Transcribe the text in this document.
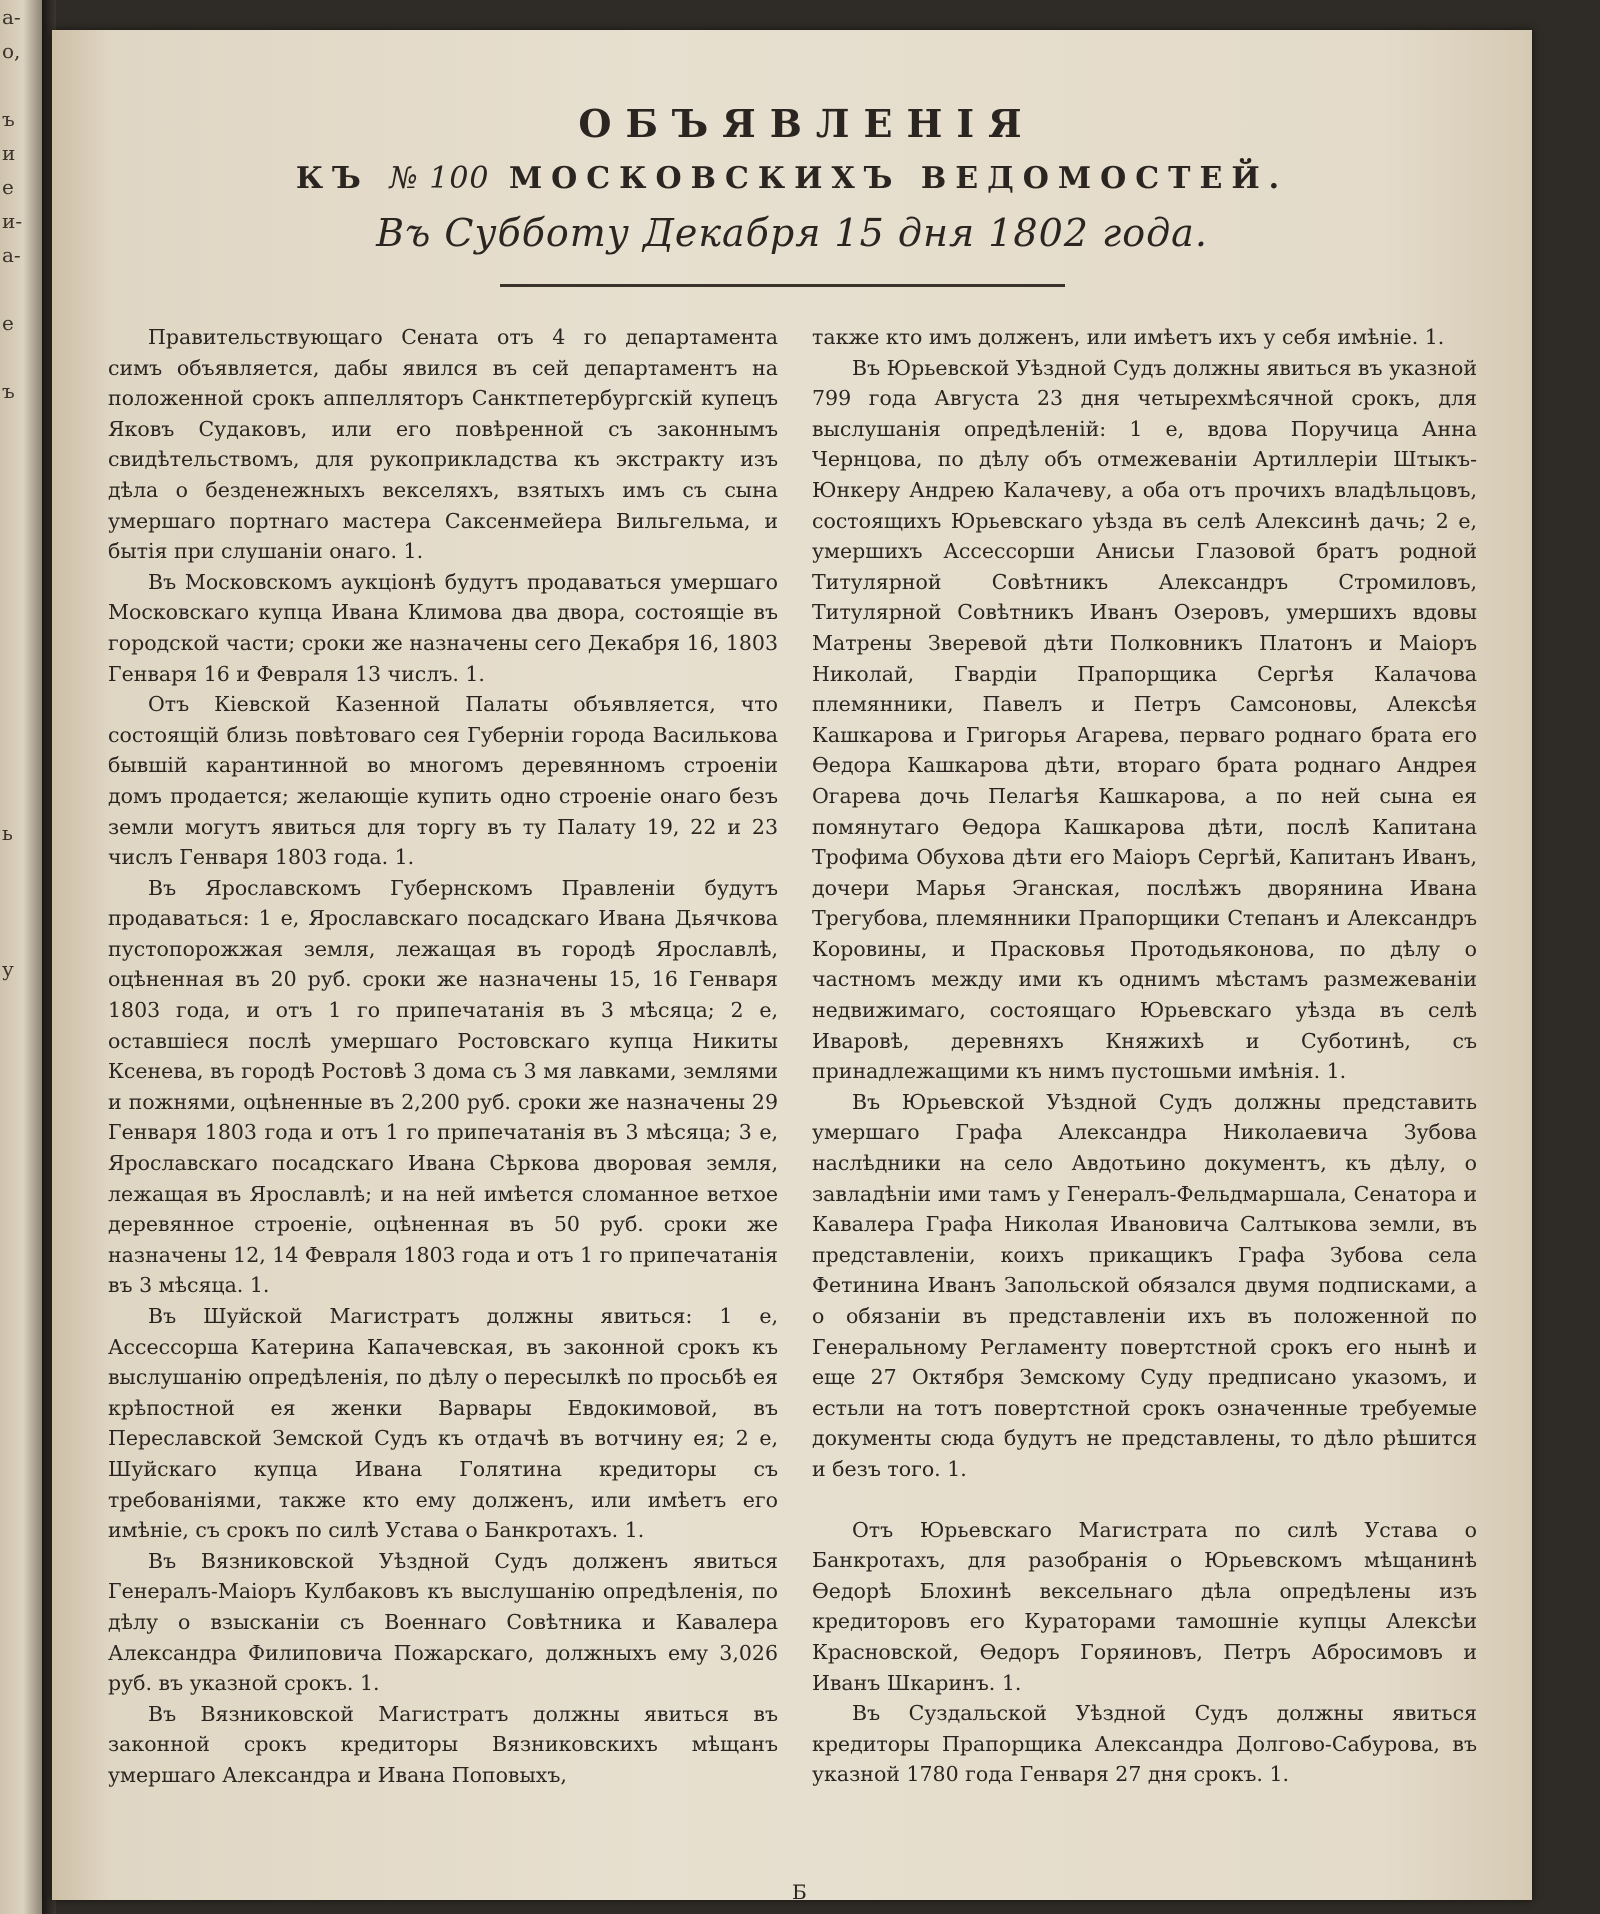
а-
о,

ъ
и
е
и-
а-

е

ъ

ь

у

ОБЪЯВЛЕНІЯ
КЪ № 100 МОСКОВСКИХЪ ВЕДОМОСТЕЙ.
Въ Субботу Декабря 15 дня 1802 года.

Правительствующаго Сената отъ 4 го департамента симъ объявляется, дабы явился въ сей департаментъ на положенной срокъ аппелляторъ Санктпетербургскій купецъ Яковъ Судаковъ, или его повѣренной съ законнымъ свидѣтельствомъ, для рукоприкладства къ экстракту изъ дѣла о безденежныхъ векселяхъ, взятыхъ имъ съ сына умершаго портнаго мастера Саксенмейера Вильгельма, и бытія при слушаніи онаго. 1.

Въ Московскомъ аукціонѣ будутъ продаваться умершаго Московскаго купца Ивана Климова два двора, состоящіе въ городской части; сроки же назначены сего Декабря 16, 1803 Генваря 16 и Февраля 13 числъ. 1.

Отъ Кіевской Казенной Палаты объявляется, что состоящій близь повѣтоваго сея Губерніи города Василькова бывшій карантинной во многомъ деревянномъ строеніи домъ продается; желающіе купить одно строеніе онаго безъ земли могутъ явиться для торгу въ ту Палату 19, 22 и 23 числъ Генваря 1803 года. 1.

Въ Ярославскомъ Губернскомъ Правленіи будутъ продаваться: 1 е, Ярославскаго посадскаго Ивана Дьячкова пустопорожжая земля, лежащая въ городѣ Ярославлѣ, оцѣненная въ 20 руб. сроки же назначены 15, 16 Генваря 1803 года, и отъ 1 го припечатанія въ 3 мѣсяца; 2 е, оставшіеся послѣ умершаго Ростовскаго купца Никиты Ксенева, въ городѣ Ростовѣ 3 дома съ 3 мя лавками, землями и пожнями, оцѣненные въ 2,200 руб. сроки же назначены 29 Генваря 1803 года и отъ 1 го припечатанія въ 3 мѣсяца; 3 е, Ярославскаго посадскаго Ивана Сѣркова дворовая земля, лежащая въ Ярославлѣ; и на ней имѣется сломанное ветхое деревянное строеніе, оцѣненная въ 50 руб. сроки же назначены 12, 14 Февраля 1803 года и отъ 1 го припечатанія въ 3 мѣсяца. 1.

Въ Шуйской Магистратъ должны явиться: 1 е, Ассессорша Катерина Капачевская, въ законной срокъ къ выслушанію опредѣленія, по дѣлу о пересылкѣ по просьбѣ ея крѣпостной ея женки Варвары Евдокимовой, въ Переславской Земской Судъ къ отдачѣ въ вотчину ея; 2 е, Шуйскаго купца Ивана Голятина кредиторы съ требованіями, также кто ему долженъ, или имѣетъ его имѣніе, съ срокъ по силѣ Устава о Банкротахъ. 1.

Въ Вязниковской Уѣздной Судъ долженъ явиться Генералъ-Маіоръ Кулбаковъ къ выслушанію опредѣленія, по дѣлу о взысканіи съ Военнаго Совѣтника и Кавалера Александра Филиповича Пожарскаго, должныхъ ему 3,026 руб. въ указной срокъ. 1.

Въ Вязниковской Магистратъ должны явиться въ законной срокъ кредиторы Вязниковскихъ мѣщанъ умершаго Александра и Ивана Поповыхъ,

также кто имъ долженъ, или имѣетъ ихъ у себя имѣніе. 1.

Въ Юрьевской Уѣздной Судъ должны явиться въ указной 799 года Августа 23 дня четырехмѣсячной срокъ, для выслушанія опредѣленій: 1 е, вдова Поручица Анна Чернцова, по дѣлу объ отмежеваніи Артиллеріи Штыкъ-Юнкеру Андрею Калачеву, а оба отъ прочихъ владѣльцовъ, состоящихъ Юрьевскаго уѣзда въ селѣ Алексинѣ дачь; 2 е, умершихъ Ассессорши Анисьи Глазовой братъ родной Титулярной Совѣтникъ Александръ Стромиловъ, Титулярной Совѣтникъ Иванъ Озеровъ, умершихъ вдовы Матрены Зверевой дѣти Полковникъ Платонъ и Маіоръ Николай, Гвардіи Прапорщика Сергѣя Калачова племянники, Павелъ и Петръ Самсоновы, Алексѣя Кашкарова и Григорья Агарева, перваго роднаго брата его Ѳедора Кашкарова дѣти, втораго брата роднаго Андрея Огарева дочь Пелагѣя Кашкарова, а по ней сына ея помянутаго Ѳедора Кашкарова дѣти, послѣ Капитана Трофима Обухова дѣти его Маіоръ Сергѣй, Капитанъ Иванъ, дочери Марья Эганская, послѣжъ дворянина Ивана Трегубова, племянники Прапорщики Степанъ и Александръ Коровины, и Прасковья Протодьяконова, по дѣлу о частномъ между ими къ однимъ мѣстамъ размежеваніи недвижимаго, состоящаго Юрьевскаго уѣзда въ селѣ Иваровѣ, деревняхъ Княжихѣ и Суботинѣ, съ принадлежащими къ нимъ пустошьми имѣнія. 1.

Въ Юрьевской Уѣздной Судъ должны представить умершаго Графа Александра Николаевича Зубова наслѣдники на село Авдотьино документъ, къ дѣлу, о завладѣніи ими тамъ у Генералъ-Фельдмаршала, Сенатора и Кавалера Графа Николая Ивановича Салтыкова земли, въ представленіи, коихъ прикащикъ Графа Зубова села Фетинина Иванъ Запольской обязался двумя подписками, а о обязаніи въ представленіи ихъ въ положенной по Генеральному Регламенту повертстной срокъ его нынѣ и еще 27 Октября Земскому Суду предписано указомъ, и естьли на тотъ повертстной срокъ означенные требуемые документы сюда будутъ не представлены, то дѣло рѣшится и безъ того. 1.

Отъ Юрьевскаго Магистрата по силѣ Устава о Банкротахъ, для разобранія о Юрьевскомъ мѣщанинѣ Ѳедорѣ Блохинѣ вексельнаго дѣла опредѣлены изъ кредиторовъ его Кураторами тамошніе купцы Алексѣи Красновской, Ѳедоръ Горяиновъ, Петръ Абросимовъ и Иванъ Шкаринъ. 1.

Въ Суздальской Уѣздной Судъ должны явиться кредиторы Прапорщика Александра Долгово-Сабурова, въ указной 1780 года Генваря 27 дня срокъ. 1.

Б
